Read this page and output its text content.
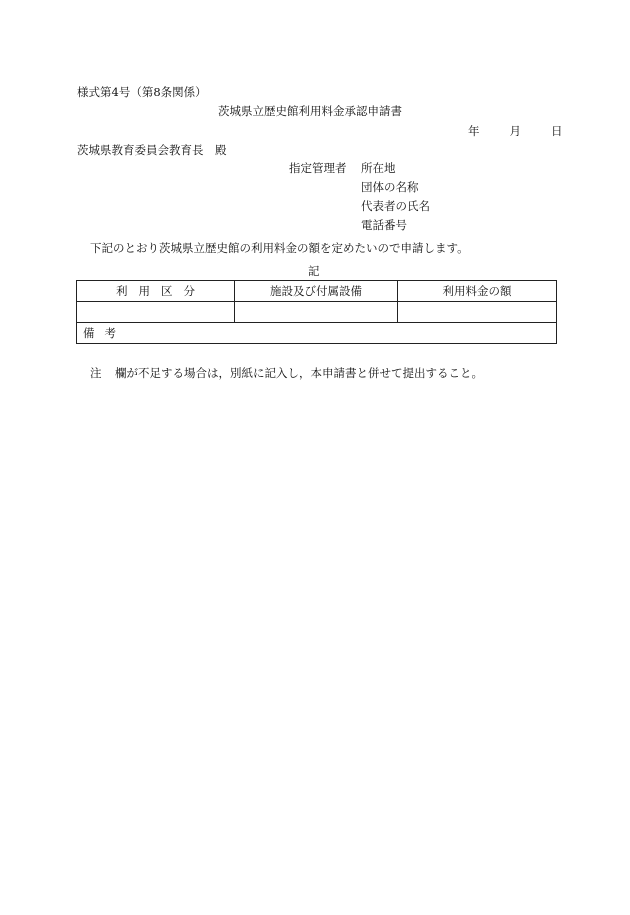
様式第4号（第8条関係）
茨城県立歴史館利用料金承認申請書
年	月	日
茨城県教育委員会教育長　殿
指定管理者	所在地
団体の名称
代表者の氏名
電話番号
下記のとおり茨城県立歴史館の利用料金の額を定めたいので申請します。
記
利用区分	施設及び付属設備	利用料金の額

備考		
注 欄が不足する場合は，別紙に記入し，本申請書と併せて提出すること。
